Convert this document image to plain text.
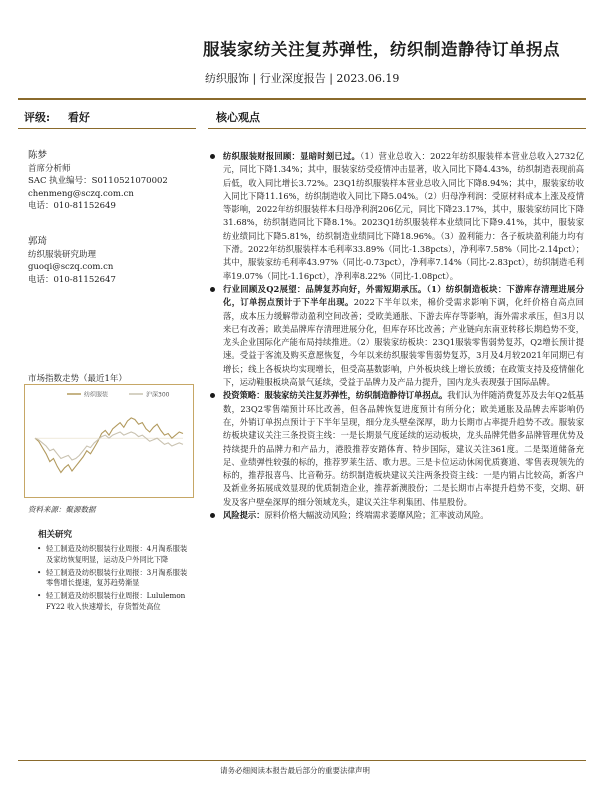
服装家纺关注复苏弹性，纺织制造静待订单拐点
纺织服饰 | 行业深度报告 | 2023.06.19
评级: 看好	核心观点
陈梦
首席分析师
SAC 执业编号：S0110521070002
chenmeng@sczq.com.cn
电话：010-81152649
郭琦
纺织服装研究助理
guoqi@sczq.com.cn
电话：010-81152647
市场指数走势（最近1年）
纺织服装	沪深300
资料来源：聚源数据
相关研究
• 轻工制造及纺织服装行业周报：4月淘系服装及家纺恢复明显，运动及户外同比下降
• 轻工制造及纺织服装行业周报：3月淘系服装零售增长提速，复苏趋势渐显
• 轻工制造及纺织服装行业周报：Lululemon FY22 收入快速增长，存货暂处高位
纺织服装财报回顾：显暗时刻已过。（1）营业总收入：2022年纺织服装样本营业总收入2732亿元，同比下降1.34%；其中，服装家纺受疫情冲击显著，收入同比下降4.43%，纺织制造表现前高后低，收入同比增长3.72%。23Q1纺织服装样本营业总收入同比下降8.94%；其中，服装家纺收入同比下降11.16%，纺织制造收入同比下降5.04%。（2）归母净利润：受原材料成本上涨及疫情等影响，2022年纺织服装样本归母净利润206亿元，同比下降23.17%，其中，服装家纺同比下降31.68%，纺织制造同比下降8.1%。2023Q1纺织服装样本业绩同比下降9.41%，其中，服装家纺业绩同比下降5.81%，纺织制造业绩同比下降18.96%。（3）盈利能力：各子板块盈利能力均有下滑。2022年纺织服装样本毛利率33.89%（同比-1.38pcts），净利率7.58%（同比-2.14pct）；其中，服装家纺毛利率43.97%（同比-0.73pct），净利率7.14%（同比-2.83pct），纺织制造毛利率19.07%（同比-1.16pct），净利率8.22%（同比-1.08pct）。
行业回顾及Q2展望：品牌复苏向好，外需短期承压。（1）纺织制造板块：下游库存清理进展分化，订单拐点预计于下半年出现。2022下半年以来，棉价受需求影响下调，化纤价格自高点回落，成本压力缓解带动盈利空间改善；受欧美通胀、下游去库存等影响，海外需求承压，但3月以来已有改善；欧美品牌库存清理进展分化，但库存环比改善；产业链向东南亚转移长期趋势不变，龙头企业国际化产能布局持续推进。（2）服装家纺板块：23Q1服装零售弱势复苏，Q2增长预计提速。受益于客流及购买意愿恢复，今年以来纺织服装零售弱势复苏，3月及4月较2021年同期已有增长；线上各板块均实现增长，但受高基数影响，户外板块线上增长放缓；在政策支持及疫情催化下，运动鞋服板块高景气延续，受益于品牌力及产品力提升，国内龙头表现强于国际品牌。
投资策略：服装家纺关注复苏弹性，纺织制造静待订单拐点。我们认为伴随消费复苏及去年Q2低基数，23Q2零售端预计环比改善，但各品牌恢复进度预计有所分化；欧美通胀及品牌去库影响仍在，外销订单拐点预计于下半年呈现，细分龙头壁垒深厚，助力长期市占率提升趋势不改。服装家纺板块建议关注三条投资主线：一是长期景气度延续的运动板块，龙头品牌凭借多品牌管理优势及持续提升的品牌力和产品力，港股推荐安踏体育、特步国际，建议关注361度。二是渠道储备充足、业绩弹性较强的标的，推荐罗莱生活、歌力思。三是卡位运动休闲优质赛道、零售表现领先的标的，推荐报喜鸟、比音勒芬。纺织制造板块建议关注两条投资主线：一是内销占比较高，新客户及新业务拓展成效显现的优质制造企业，推荐新澳股份；二是长期市占率提升趋势不变，交期、研发及客户壁垒深厚的细分领域龙头，建议关注华利集团、伟星股份。
风险提示：原料价格大幅波动风险；终端需求萎靡风险；汇率波动风险。
请务必细阅读本报告最后部分的重要法律声明
